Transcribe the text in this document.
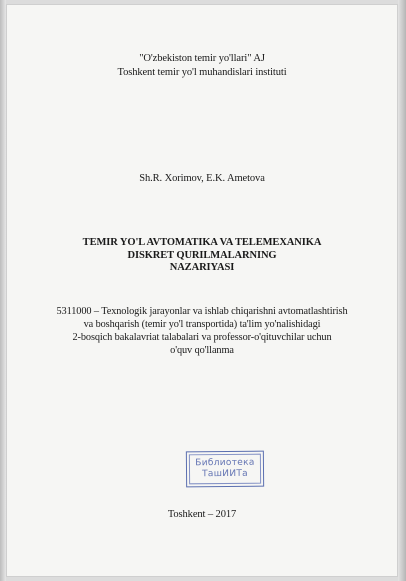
"O'zbekiston temir yo'llari" AJ
Toshkent temir yo'l muhandislari instituti
Sh.R. Xorimov, E.K. Ametova
TEMIR YO'L AVTOMATIKA VA TELEMEXANIKA
DISKRET QURILMALARNING
NAZARIYASI
5311000 – Texnologik jarayonlar va ishlab chiqarishni avtomatlashtirish
va boshqarish (temir yo'l transportida) ta'lim yo'nalishidagi
2-bosqich bakalavriat talabalari va professor-o'qituvchilar uchun
o'quv qo'llanma
Библиотека
ТашИИТа
Toshkent – 2017
